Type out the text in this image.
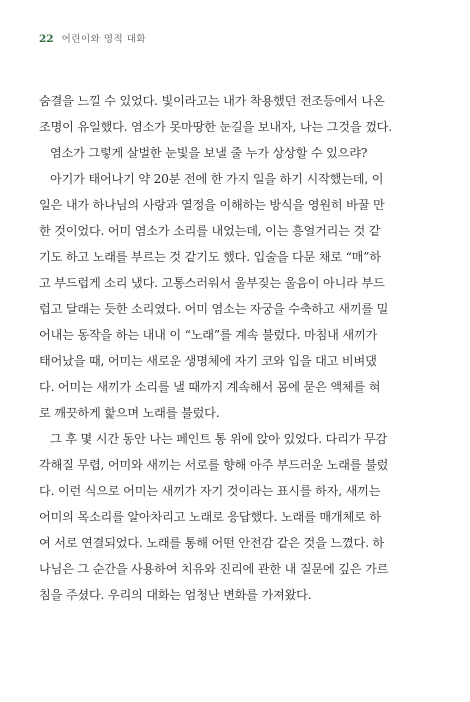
22 어린이와 영적 대화
숨결을 느낄 수 있었다. 빛이라고는 내가 착용했던 전조등에서 나온
조명이 유일했다. 염소가 못마땅한 눈길을 보내자, 나는 그것을 껐다.
염소가 그렇게 살벌한 눈빛을 보낼 줄 누가 상상할 수 있으랴?
아기가 태어나기 약 20분 전에 한 가지 일을 하기 시작했는데, 이
일은 내가 하나님의 사랑과 열정을 이해하는 방식을 영원히 바꿀 만
한 것이었다. 어미 염소가 소리를 내었는데, 이는 흥얼거리는 것 같
기도 하고 노래를 부르는 것 같기도 했다. 입술을 다문 채로 “매”하
고 부드럽게 소리 냈다. 고통스러워서 울부짖는 울음이 아니라 부드
럽고 달래는 듯한 소리였다. 어미 염소는 자궁을 수축하고 새끼를 밀
어내는 동작을 하는 내내 이 “노래”를 계속 불렀다. 마침내 새끼가
태어났을 때, 어미는 새로운 생명체에 자기 코와 입을 대고 비벼댔
다. 어미는 새끼가 소리를 낼 때까지 계속해서 몸에 묻은 액체를 혀
로 깨끗하게 핥으며 노래를 불렀다.
그 후 몇 시간 동안 나는 페인트 통 위에 앉아 있었다. 다리가 무감
각해질 무렵, 어미와 새끼는 서로를 향해 아주 부드러운 노래를 불렀
다. 이런 식으로 어미는 새끼가 자기 것이라는 표시를 하자, 새끼는
어미의 목소리를 알아차리고 노래로 응답했다. 노래를 매개체로 하
여 서로 연결되었다. 노래를 통해 어떤 안전감 같은 것을 느꼈다. 하
나님은 그 순간을 사용하여 치유와 진리에 관한 내 질문에 깊은 가르
침을 주셨다. 우리의 대화는 엄청난 변화를 가져왔다.
